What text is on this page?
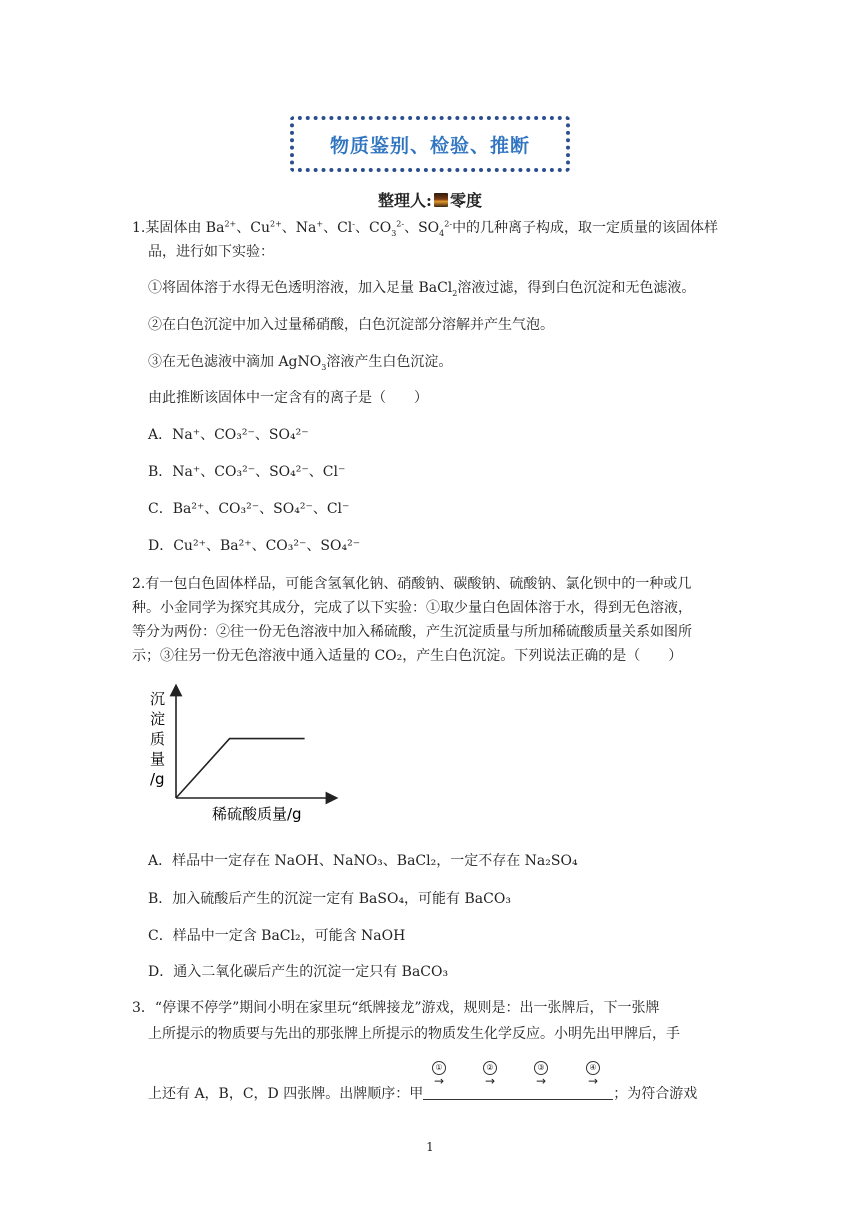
物质鉴别、检验、推断
整理人: 零度
1.某固体由 $Ba^{2+}$、$Cu^{2+}$、Na+、Cl-、$CO_3^{2-}$、$SO_4^{2-}$中的几种离子构成，取一定质量的该固体样
品，进行如下实验：
①将固体溶于水得无色透明溶液，加入足量 BaCl$_2$溶液过滤，得到白色沉淀和无色滤液。
②在白色沉淀中加入过量稀硝酸，白色沉淀部分溶解并产生气泡。
③在无色滤液中滴加 AgNO$_3$溶液产生白色沉淀。
由此推断该固体中一定含有的离子是（　　）
A．Na⁺、CO₃²⁻、SO₄²⁻
B．Na⁺、CO₃²⁻、SO₄²⁻、Cl⁻
C．Ba²⁺、CO₃²⁻、SO₄²⁻、Cl⁻
D．Cu²⁺、Ba²⁺、CO₃²⁻、SO₄²⁻
2.有一包白色固体样品，可能含氢氧化钠、硝酸钠、碳酸钠、硫酸钠、氯化钡中的一种或几
种。小金同学为探究其成分，完成了以下实验：①取少量白色固体溶于水，得到无色溶液，
等分为两份：②往一份无色溶液中加入稀硫酸，产生沉淀质量与所加稀硫酸质量关系如图所
示；③往另一份无色溶液中通入适量的 CO₂，产生白色沉淀。下列说法正确的是（　　）
沉
淀
质
量
/g
稀硫酸质量/g
A．样品中一定存在 NaOH、NaNO₃、BaCl₂，一定不存在 Na₂SO₄
B．加入硫酸后产生的沉淀一定有 BaSO₄，可能有 BaCO₃
C．样品中一定含 BaCl₂，可能含 NaOH
D．通入二氧化碳后产生的沉淀一定只有 BaCO₃
3．“停课不停学”期间小明在家里玩“纸牌接龙”游戏，规则是：出一张牌后，下一张牌
上所提示的物质要与先出的那张牌上所提示的物质发生化学反应。小明先出甲牌后，手
①
→
②
→
③
→
④
→
上还有 A，B，C，D 四张牌。出牌顺序：甲	；为符合游戏
1
